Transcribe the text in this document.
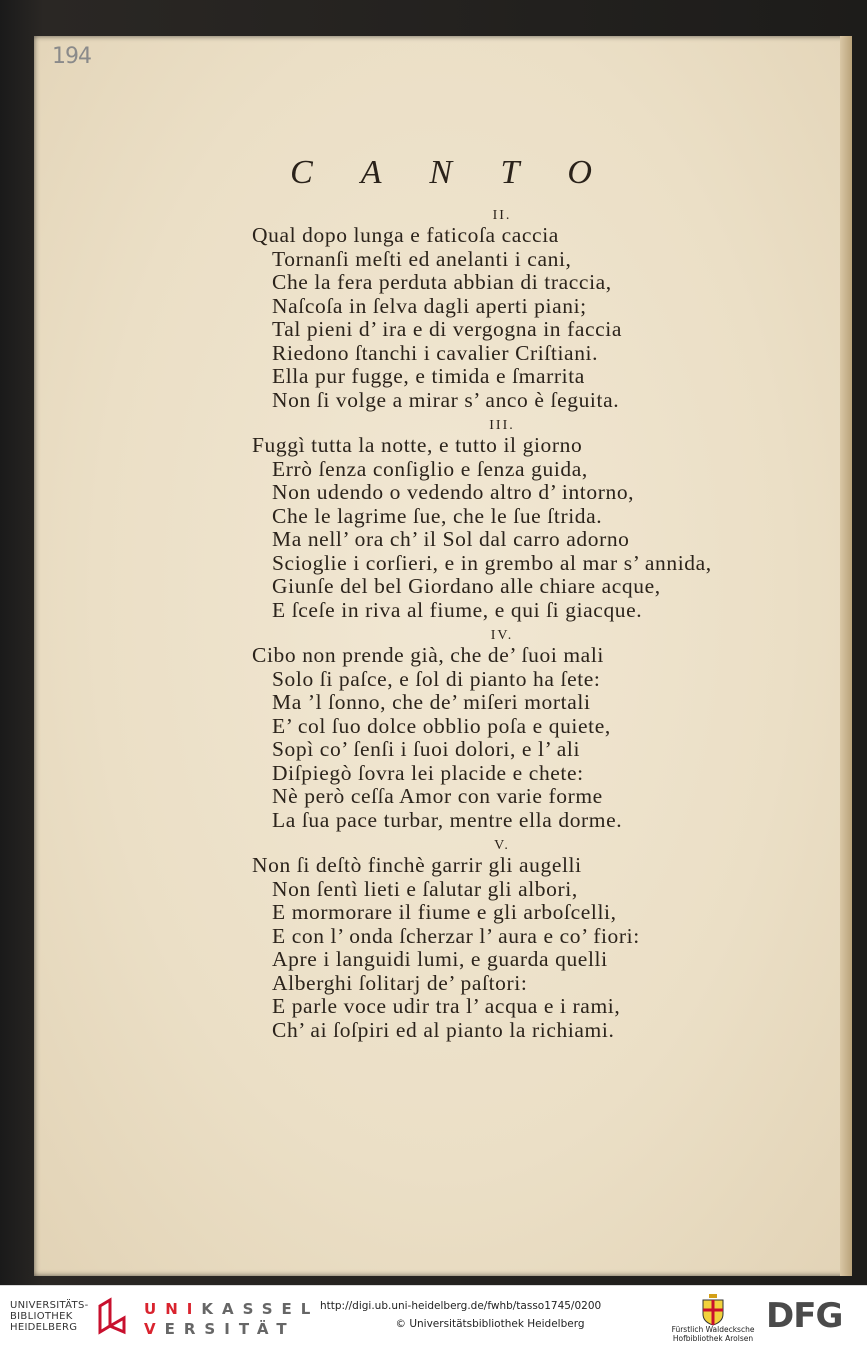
194
C A N T O
II.
Qual dopo lunga e faticoſa caccia
Tornanſi meſti ed anelanti i cani,
Che la fera perduta abbian di traccia,
Naſcoſa in ſelva dagli aperti piani;
Tal pieni d’ ira e di vergogna in faccia
Riedono ſtanchi i cavalier Criſtiani.
Ella pur fugge, e timida e ſmarrita
Non ſi volge a mirar s’ anco è ſeguita.
III.
Fuggì tutta la notte, e tutto il giorno
Errò ſenza conſiglio e ſenza guida,
Non udendo o vedendo altro d’ intorno,
Che le lagrime ſue, che le ſue ſtrida.
Ma nell’ ora ch’ il Sol dal carro adorno
Scioglie i corſieri, e in grembo al mar s’ annida,
Giunſe del bel Giordano alle chiare acque,
E ſceſe in riva al fiume, e qui ſi giacque.
IV.
Cibo non prende già, che de’ ſuoi mali
Solo ſi paſce, e ſol di pianto ha ſete:
Ma ’l ſonno, che de’ miſeri mortali
E’ col ſuo dolce obblio poſa e quiete,
Sopì co’ ſenſi i ſuoi dolori, e l’ ali
Diſpiegò ſovra lei placide e chete:
Nè però ceſſa Amor con varie forme
La ſua pace turbar, mentre ella dorme.
V.
Non ſi deſtò finchè garrir gli augelli
Non ſentì lieti e ſalutar gli albori,
E mormorare il fiume e gli arboſcelli,
E con l’ onda ſcherzar l’ aura e co’ fiori:
Apre i languidi lumi, e guarda quelli
Alberghi ſolitarj de’ paſtori:
E parle voce udir tra l’ acqua e i rami,
Ch’ ai ſoſpiri ed al pianto la richiami.
UNIVERSITÄTS-
BIBLIOTHEK
HEIDELBERG
UNIKASSEL
VERSITÄT
http://digi.ub.uni-heidelberg.de/fwhb/tasso1745/0200
© Universitätsbibliothek Heidelberg	Fürstlich Waldecksche
Hofbibliothek Arolsen
DFG
